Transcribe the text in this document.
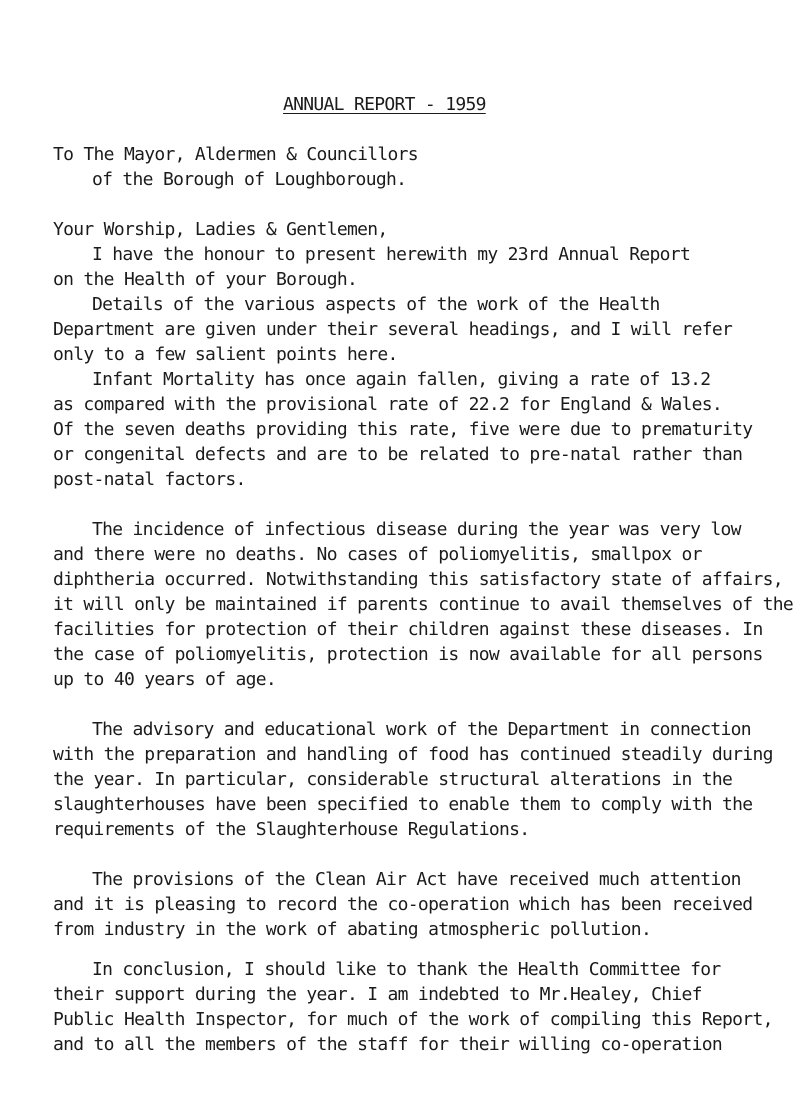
ANNUAL REPORT - 1959
To The Mayor, Aldermen & Councillors
of the Borough of Loughborough.
Your Worship, Ladies & Gentlemen,
I have the honour to present herewith my 23rd Annual Report
on the Health of your Borough.
Details of the various aspects of the work of the Health
Department are given under their several headings, and I will refer
only to a few salient points here.
Infant Mortality has once again fallen, giving a rate of 13.2
as compared with the provisional rate of 22.2 for England & Wales.
Of the seven deaths providing this rate, five were due to prematurity
or congenital defects and are to be related to pre-natal rather than
post-natal factors.
The incidence of infectious disease during the year was very low
and there were no deaths. No cases of poliomyelitis, smallpox or
diphtheria occurred. Notwithstanding this satisfactory state of affairs,
it will only be maintained if parents continue to avail themselves of the
facilities for protection of their children against these diseases. In
the case of poliomyelitis, protection is now available for all persons
up to 40 years of age.
The advisory and educational work of the Department in connection
with the preparation and handling of food has continued steadily during
the year. In particular, considerable structural alterations in the
slaughterhouses have been specified to enable them to comply with the
requirements of the Slaughterhouse Regulations.
The provisions of the Clean Air Act have received much attention
and it is pleasing to record the co-operation which has been received
from industry in the work of abating atmospheric pollution.
In conclusion, I should like to thank the Health Committee for
their support during the year. I am indebted to Mr.Healey, Chief
Public Health Inspector, for much of the work of compiling this Report,
and to all the members of the staff for their willing co-operation
